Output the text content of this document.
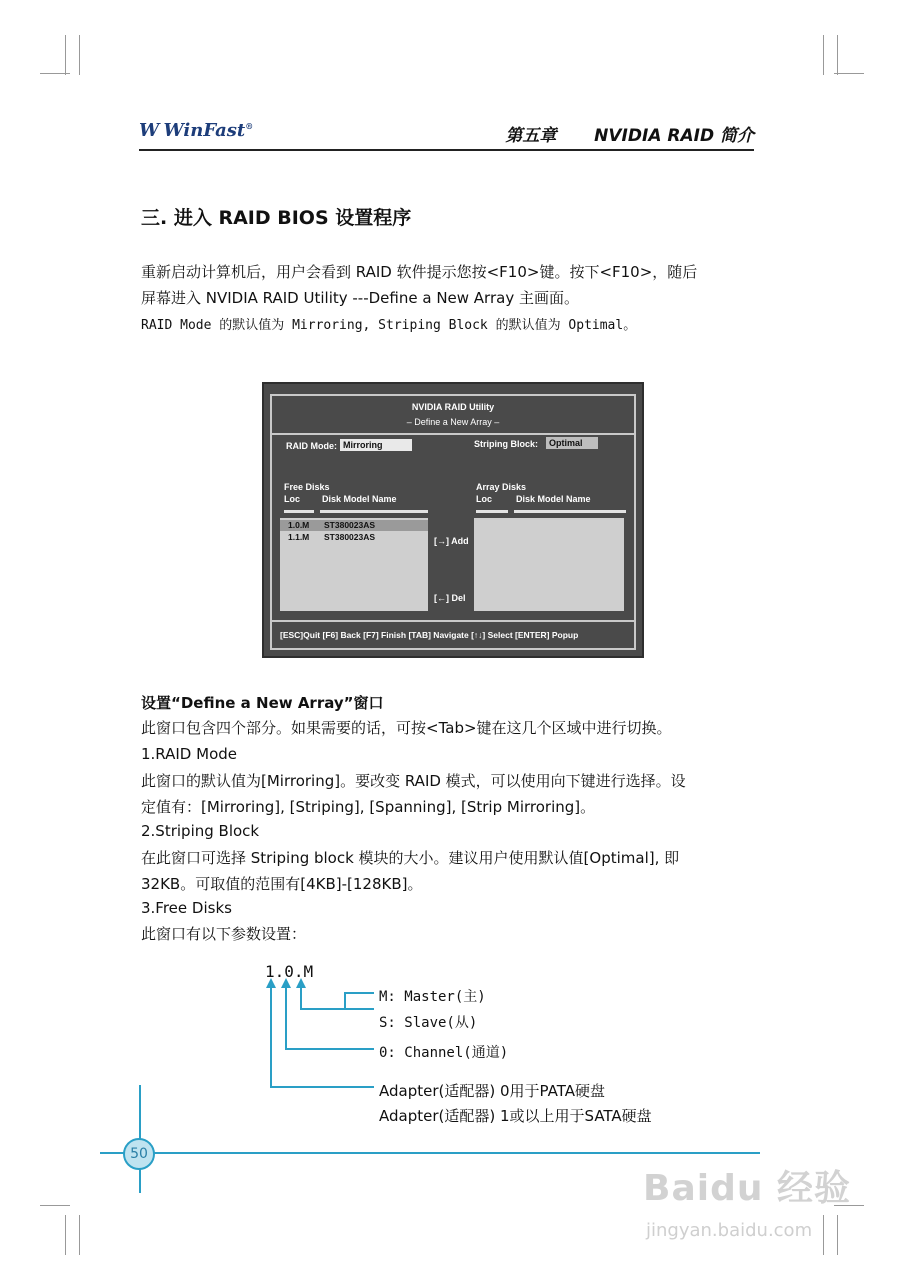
W WinFast®	第五章 NVIDIA RAID 简介
三. 进入 RAID BIOS 设置程序
重新启动计算机后，用户会看到 RAID 软件提示您按<F10>键。按下<F10>，随后
屏幕进入 NVIDIA RAID Utility ---Define a New Array 主画面。
RAID Mode 的默认值为 Mirroring, Striping Block 的默认值为 Optimal。
NVIDIA RAID Utility
– Define a New Array –
RAID Mode: Mirroring	Striping Block:	Optimal
Free Disks
Loc Disk Model Name
Array Disks
Loc	Disk Model Name
1.0.M ST380023AS
1.1.M ST380023AS	[→] Add
[←] Del
[ESC]Quit [F6] Back [F7] Finish [TAB] Navigate [↑↓] Select [ENTER] Popup
设置“Define a New Array”窗口
此窗口包含四个部分。如果需要的话，可按<Tab>键在这几个区域中进行切换。
1.RAID Mode
此窗口的默认值为[Mirroring]。要改变 RAID 模式，可以使用向下键进行选择。设
定值有：[Mirroring], [Striping], [Spanning], [Strip Mirroring]。
2.Striping Block
在此窗口可选择 Striping block 模块的大小。建议用户使用默认值[Optimal], 即
32KB。可取值的范围有[4KB]-[128KB]。
3.Free Disks
此窗口有以下参数设置：
1.0.M
M: Master(主)
S: Slave(从)
0: Channel(通道)
Adapter(适配器) 0用于PATA硬盘
Adapter(适配器) 1或以上用于SATA硬盘
50
Baidu 经验
jingyan.baidu.com
